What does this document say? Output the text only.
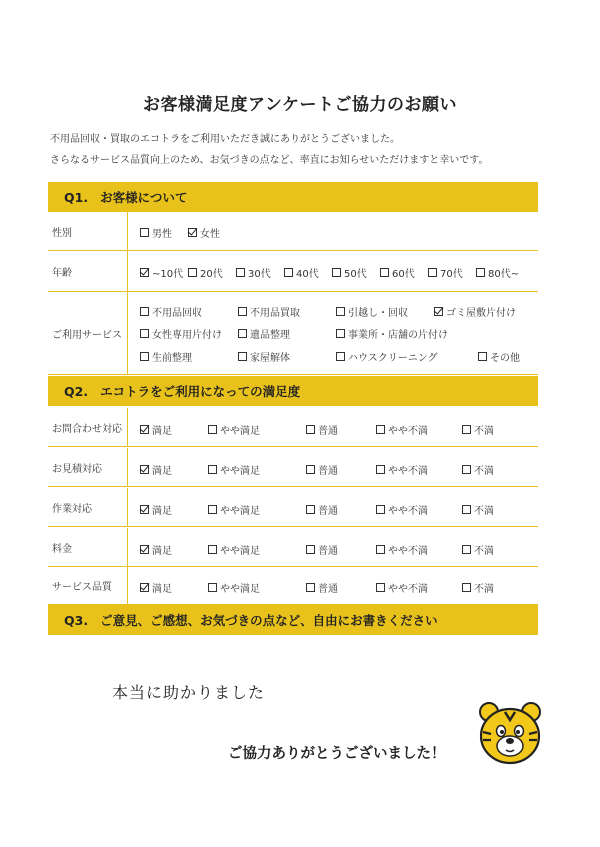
お客様満足度アンケートご協力のお願い
不用品回収・買取のエコトラをご利用いただき誠にありがとうございました。
さらなるサービス品質向上のため、お気づきの点など、率直にお知らせいただけますと幸いです。
Q1. お客様について
性別	男性	女性
年齢	~10代 20代	30代	40代	50代	60代	70代	80代~
ご利用サービス
不用品回収	不用品買取	引越し・回収	ゴミ屋敷片付け
女性専用片付け	遺品整理	事業所・店舗の片付け
生前整理	家屋解体	ハウスクリーニング	その他
Q2. エコトラをご利用になっての満足度
お問合わせ対応	満足	やや満足	普通	やや不満	不満
お見積対応	満足	やや満足	普通	やや不満	不満
作業対応	満足	やや満足	普通	やや不満	不満
料金	満足	やや満足	普通	やや不満	不満
サービス品質	満足	やや満足	普通	やや不満	不満
Q3. ご意見、ご感想、お気づきの点など、自由にお書きください
本当に助かりました
ご協力ありがとうございました！
